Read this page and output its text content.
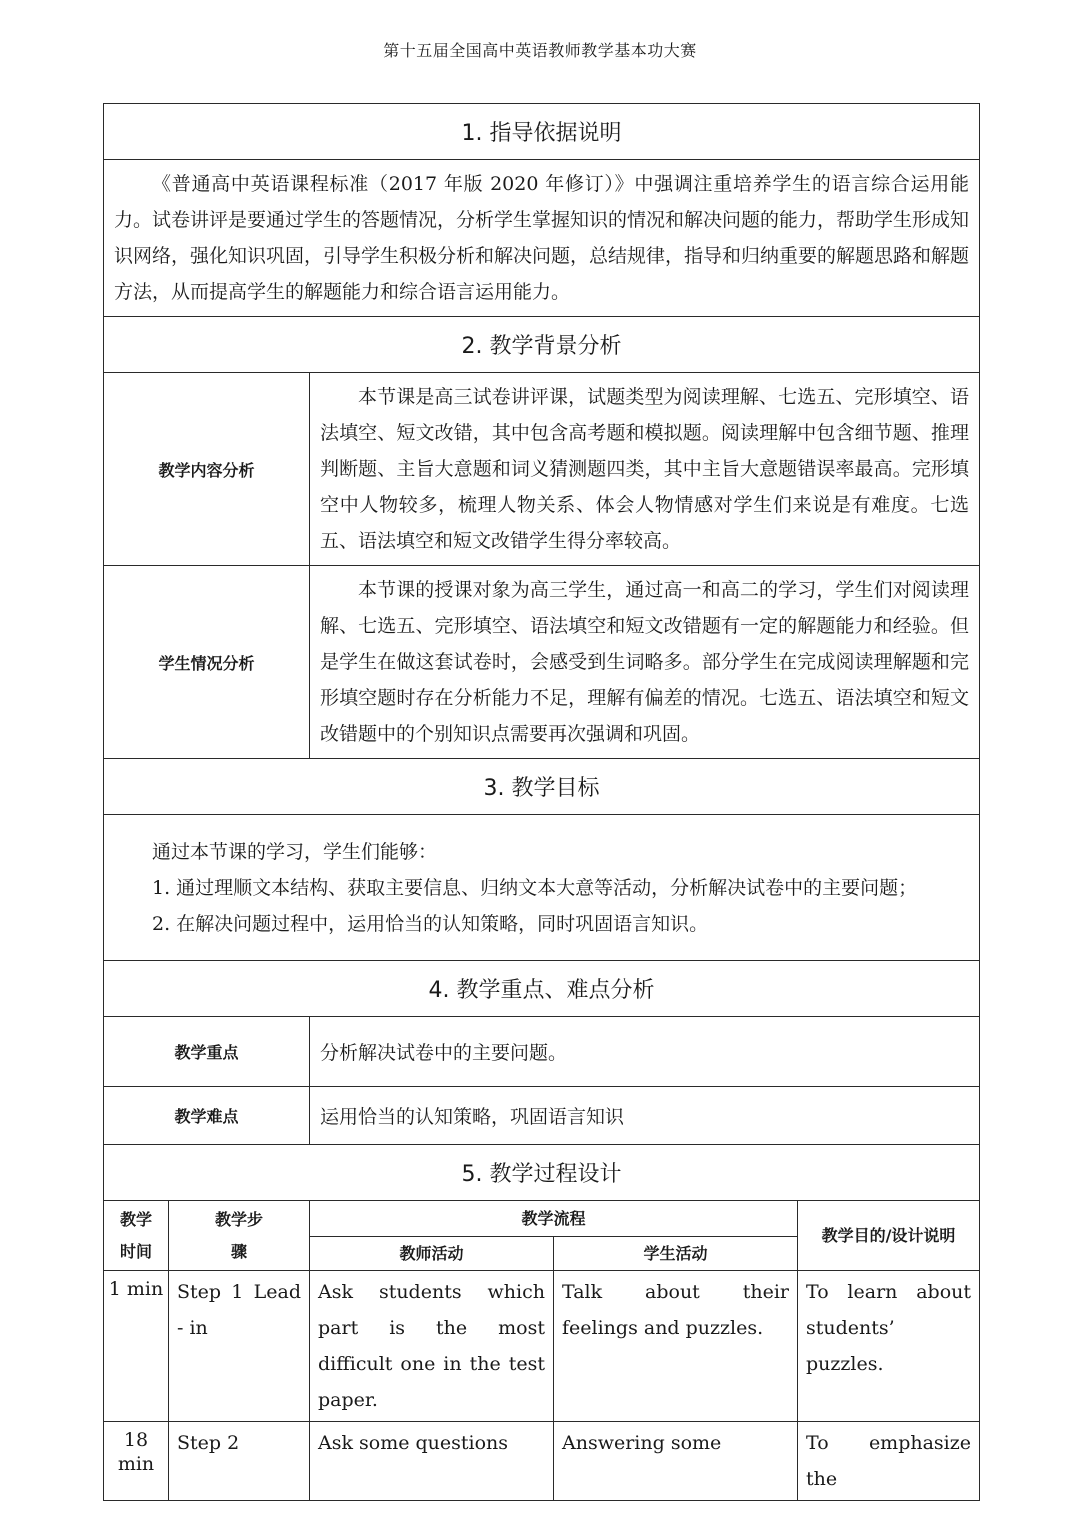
第十五届全国高中英语教师教学基本功大赛
1. 指导依据说明				

《普通高中英语课程标准（2017 年版 2020 年修订）》中强调注重培养学生的语言综合运用能力。试卷讲评是要通过学生的答题情况，分析学生掌握知识的情况和解决问题的能力，帮助学生形成知识网络，强化知识巩固，引导学生积极分析和解决问题，总结规律，指导和归纳重要的解题思路和解题方法，从而提高学生的解题能力和综合语言运用能力。				

2. 教学背景分析				
教学内容分析		本节课是高三试卷讲评课，试题类型为阅读理解、七选五、完形填空、语法填空、短文改错，其中包含高考题和模拟题。阅读理解中包含细节题、推理判断题、主旨大意题和词义猜测题四类，其中主旨大意题错误率最高。完形填空中人物较多，梳理人物关系、体会人物情感对学生们来说是有难度。七选五、语法填空和短文改错学生得分率较高。		

学生情况分析		本节课的授课对象为高三学生，通过高一和高二的学习，学生们对阅读理解、七选五、完形填空、语法填空和短文改错题有一定的解题能力和经验。但是学生在做这套试卷时，会感受到生词略多。部分学生在完成阅读理解题和完形填空题时存在分析能力不足，理解有偏差的情况。七选五、语法填空和短文改错题中的个别知识点需要再次强调和巩固。		

3. 教学目标				

通过本节课的学习，学生们能够：

1. 通过理顺文本结构、获取主要信息、归纳文本大意等活动，分析解决试卷中的主要问题；

2. 在解决问题过程中，运用恰当的认知策略，同时巩固语言知识。				

4. 教学重点、难点分析				
教学重点		分析解决试卷中的主要问题。		
教学难点		运用恰当的认知策略，巩固语言知识		
5. 教学过程设计				
教学时间	教学步骤	教学流程		教学目的/设计说明
		教师活动	学生活动	
1 min	Step 1 Lead - in	Ask students which part is the most difficult one in the test paper.	Talk about their feelings and puzzles.	To learn about students’ puzzles.
18 min	Step 2	Ask some questions	Answering some	To emphasize the
